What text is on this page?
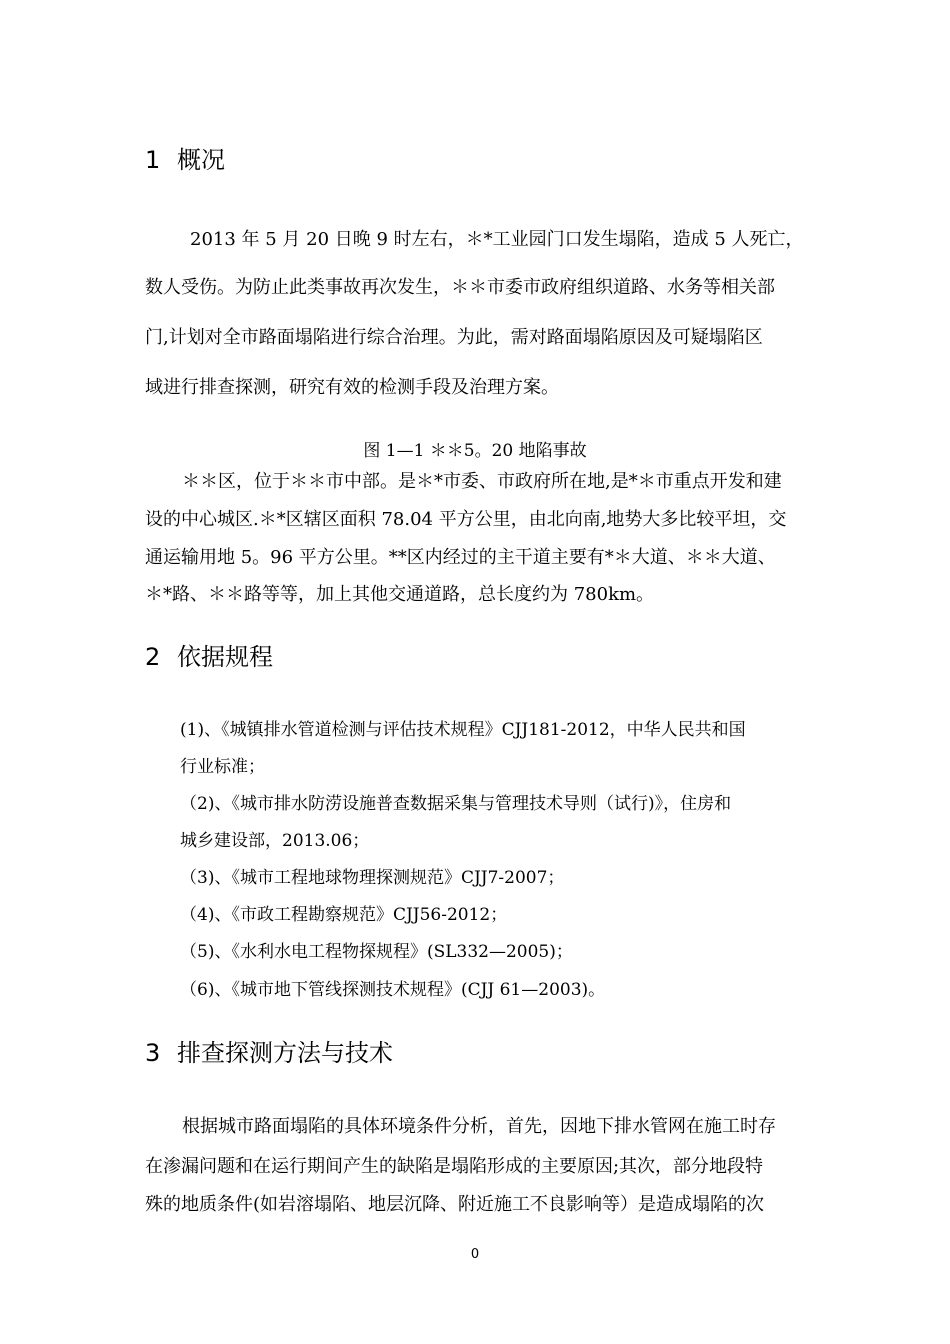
1 概况
2013 年 5 月 20 日晚 9 时左右，＊*工业园门口发生塌陷，造成 5 人死亡，
数人受伤。为防止此类事故再次发生，＊＊市委市政府组织道路、水务等相关部
门,计划对全市路面塌陷进行综合治理。为此，需对路面塌陷原因及可疑塌陷区
域进行排查探测，研究有效的检测手段及治理方案。
图 1—1 ＊＊5。20 地陷事故
＊＊区，位于＊＊市中部。是＊*市委、市政府所在地,是*＊市重点开发和建
设的中心城区.＊*区辖区面积 78.04 平方公里，由北向南,地势大多比较平坦，交
通运输用地 5。96 平方公里。**区内经过的主干道主要有*＊大道、＊＊大道、
＊*路、＊＊路等等，加上其他交通道路，总长度约为 780km。
2 依据规程
(1)、《城镇排水管道检测与评估技术规程》CJJ181-2012，中华人民共和国
行业标准；
（2)、《城市排水防涝设施普查数据采集与管理技术导则（试行)》，住房和
城乡建设部，2013.06；
（3)、《城市工程地球物理探测规范》CJJ7-2007；
（4)、《市政工程勘察规范》CJJ56-2012；
（5)、《水利水电工程物探规程》(SL332—2005)；
（6)、《城市地下管线探测技术规程》(CJJ 61—2003)。
3 排查探测方法与技术
根据城市路面塌陷的具体环境条件分析，首先，因地下排水管网在施工时存
在渗漏问题和在运行期间产生的缺陷是塌陷形成的主要原因;其次，部分地段特
殊的地质条件(如岩溶塌陷、地层沉降、附近施工不良影响等）是造成塌陷的次
0
